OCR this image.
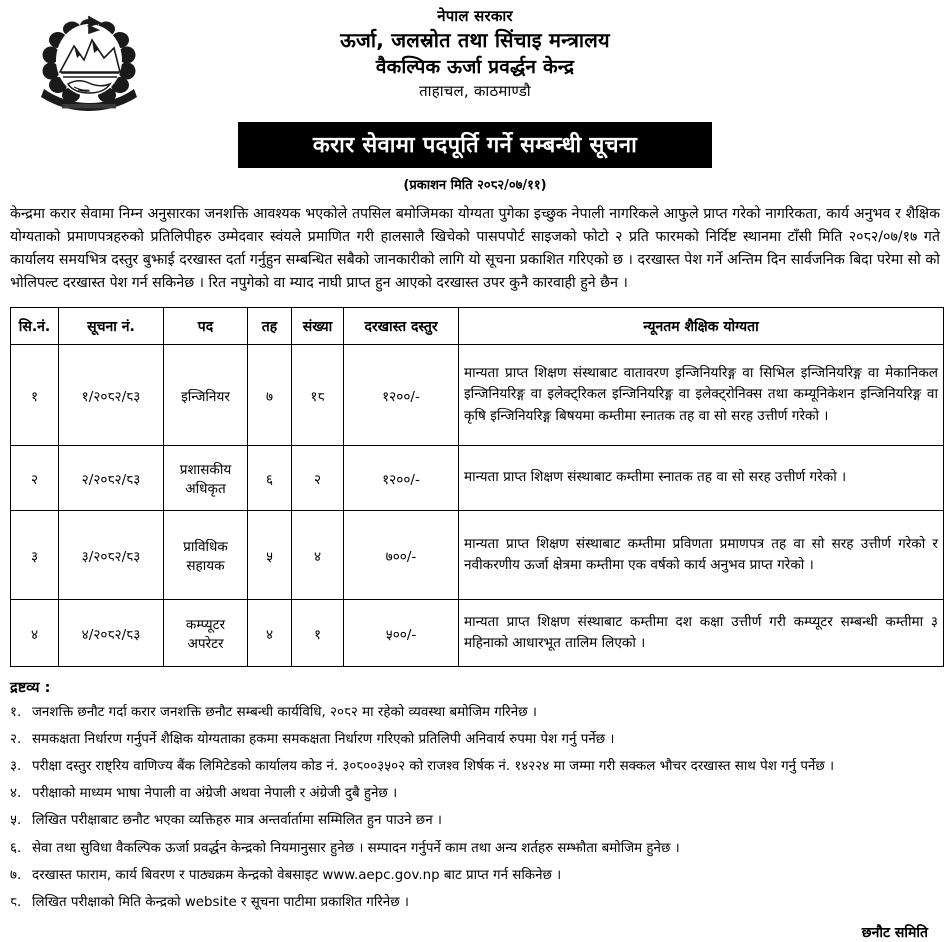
नेपाल सरकार
ऊर्जा, जलस्रोत तथा सिंचाइ मन्त्रालय
वैकल्पिक ऊर्जा प्रवर्द्धन केन्द्र
ताहाचल, काठमाण्डौ
करार सेवामा पदपूर्ति गर्ने सम्बन्धी सूचना
(प्रकाशन मिति २०८२/०७/११)
केन्द्रमा करार सेवामा निम्न अनुसारका जनशक्ति आवश्यक भएकोले तपसिल बमोजिमका योग्यता पुगेका इच्छुक नेपाली नागरिकले आफुले प्राप्त गरेको नागरिकता, कार्य अनुभव र शैक्षिक योग्यताको प्रमाणपत्रहरुको प्रतिलिपीहरु उम्मेदवार स्वंयले प्रमाणित गरी हालसालै खिचेको पासपपोर्ट साइजको फोटो २ प्रति फारमको निर्दिष्ट स्थानमा टाँसी मिति २०८२/०७/१७ गते कार्यालय समयभित्र दस्तुर बुझाई दरखास्त दर्ता गर्नुहुन सम्बन्धित सबैको जानकारीको लागि यो सूचना प्रकाशित गरिएको छ । दरखास्त पेश गर्ने अन्तिम दिन सार्वजनिक बिदा परेमा सो को भोलिपल्ट दरखास्त पेश गर्न सकिनेछ । रित नपुगेको वा म्याद नाघी प्राप्त हुन आएको दरखास्त उपर कुनै कारवाही हुने छैन ।
सि.नं.	सूचना नं.	पद	तह	संख्या	दरखास्त दस्तुर	न्यूनतम शैक्षिक योग्यता
१	१/२०८२/८३	इन्जिनियर	७	१८	१२००/-	मान्यता प्राप्त शिक्षण संस्थाबाट वातावरण इन्जिनियरिङ्ग वा सिभिल इन्जिनियरिङ्ग वा मेकानिकल इन्जिनियरिङ्ग वा इलेक्ट्रिकल इन्जिनियरिङ्ग वा इलेक्ट्रोनिक्स तथा कम्यूनिकेशन इन्जिनियरिङ्ग वा कृषि इन्जिनियरिङ्ग बिषयमा कम्तीमा स्नातक तह वा सो सरह उत्तीर्ण गरेको ।
२	२/२०८२/८३	प्रशासकीय अधिकृत	६	२	१२००/-	मान्यता प्राप्त शिक्षण संस्थाबाट कम्तीमा स्नातक तह वा सो सरह उत्तीर्ण गरेको ।
३	३/२०८२/८३	प्राविधिक सहायक	५	४	७००/-	मान्यता प्राप्त शिक्षण संस्थाबाट कम्तीमा प्रविणता प्रमाणपत्र तह वा सो सरह उत्तीर्ण गरेको र नवीकरणीय ऊर्जा क्षेत्रमा कम्तीमा एक वर्षको कार्य अनुभव प्राप्त गरेको ।
४	४/२०८२/८३	कम्प्यूटर अपरेटर	४	१	५००/-	मान्यता प्राप्त शिक्षण संस्थाबाट कम्तीमा दश कक्षा उत्तीर्ण गरी कम्प्यूटर सम्बन्धी कम्तीमा ३ महिनाको आधारभूत तालिम लिएको ।
द्रष्टव्य :
१. जनशक्ति छनौट गर्दा करार जनशक्ति छनौट सम्बन्धी कार्यविधि, २०८२ मा रहेको व्यवस्था बमोजिम गरिनेछ ।
२. समकक्षता निर्धारण गर्नुपर्ने शैक्षिक योग्यताका हकमा समकक्षता निर्धारण गरिएको प्रतिलिपी अनिवार्य रुपमा पेश गर्नु पर्नेछ ।
३. परीक्षा दस्तुर राष्ट्रिय वाणिज्य बैंक लिमिटेडको कार्यालय कोड नं. ३०८००३५०२ को राजश्व शिर्षक नं. १४२२४ मा जम्मा गरी सक्कल भौचर दरखास्त साथ पेश गर्नु पर्नेछ ।
४. परीक्षाको माध्यम भाषा नेपाली वा अंग्रेजी अथवा नेपाली र अंग्रेजी दुबै हुनेछ ।
५. लिखित परीक्षाबाट छनौट भएका व्यक्तिहरु मात्र अन्तर्वार्तामा सम्मिलित हुन पाउने छन ।
६. सेवा तथा सुविधा वैकल्पिक ऊर्जा प्रवर्द्धन केन्द्रको नियमानुसार हुनेछ । सम्पादन गर्नुपर्ने काम तथा अन्य शर्तहरु सम्झौता बमोजिम हुनेछ ।
७. दरखास्त फाराम, कार्य बिवरण र पाठ्यक्रम केन्द्रको वेबसाइट www.aepc.gov.np बाट प्राप्त गर्न सकिनेछ ।
८. लिखित परीक्षाको मिति केन्द्रको website र सूचना पाटीमा प्रकाशित गरिनेछ ।
छनौट समिति
